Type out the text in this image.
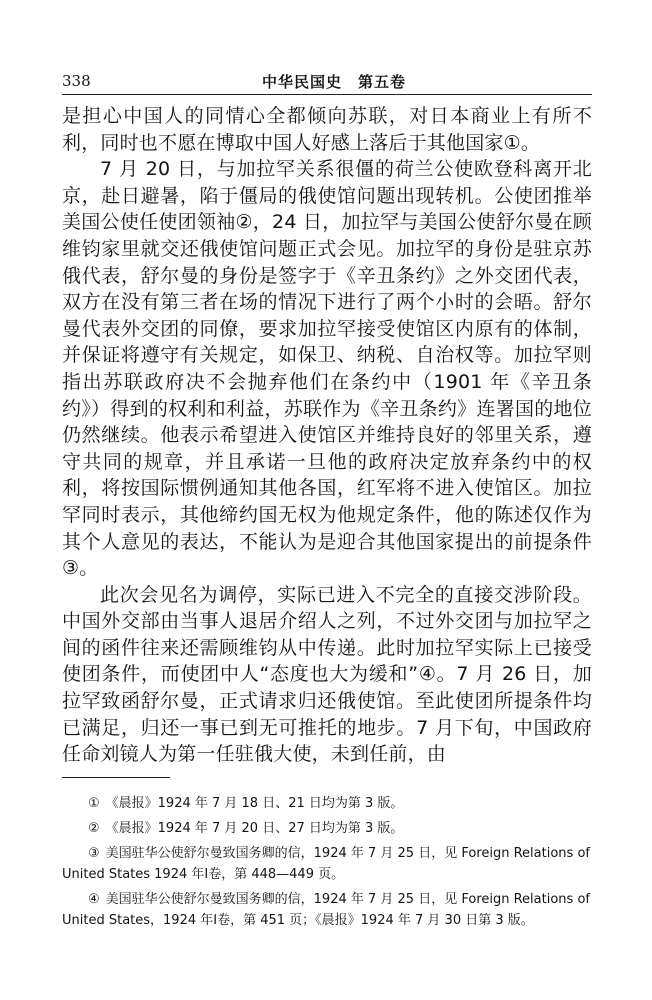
338	中华民国史　第五卷

是担心中国人的同情心全都倾向苏联，对日本商业上有所不利，同时也不愿在博取中国人好感上落后于其他国家①。

7 月 20 日，与加拉罕关系很僵的荷兰公使欧登科离开北京，赴日避暑，陷于僵局的俄使馆问题出现转机。公使团推举美国公使任使团领袖②，24 日，加拉罕与美国公使舒尔曼在顾维钧家里就交还俄使馆问题正式会见。加拉罕的身份是驻京苏俄代表，舒尔曼的身份是签字于《辛丑条约》之外交团代表，双方在没有第三者在场的情况下进行了两个小时的会晤。舒尔曼代表外交团的同僚，要求加拉罕接受使馆区内原有的体制，并保证将遵守有关规定，如保卫、纳税、自治权等。加拉罕则指出苏联政府决不会抛弃他们在条约中（1901 年《辛丑条约》）得到的权利和利益，苏联作为《辛丑条约》连署国的地位仍然继续。他表示希望进入使馆区并维持良好的邻里关系，遵守共同的规章，并且承诺一旦他的政府决定放弃条约中的权利，将按国际惯例通知其他各国，红军将不进入使馆区。加拉罕同时表示，其他缔约国无权为他规定条件，他的陈述仅作为其个人意见的表达，不能认为是迎合其他国家提出的前提条件③。

此次会见名为调停，实际已进入不完全的直接交涉阶段。中国外交部由当事人退居介绍人之列，不过外交团与加拉罕之间的函件往来还需顾维钧从中传递。此时加拉罕实际上已接受使团条件，而使团中人“态度也大为缓和”④。7 月 26 日，加拉罕致函舒尔曼，正式请求归还俄使馆。至此使团所提条件均已满足，归还一事已到无可推托的地步。7 月下旬，中国政府任命刘镜人为第一任驻俄大使，未到任前，由

① 《晨报》1924 年 7 月 18 日、21 日均为第 3 版。

② 《晨报》1924 年 7 月 20 日、27 日均为第 3 版。

③ 美国驻华公使舒尔曼致国务卿的信，1924 年 7 月 25 日，见 Foreign Relations of United States 1924 年Ⅰ卷，第 448—449 页。

④ 美国驻华公使舒尔曼致国务卿的信，1924 年 7 月 25 日，见 Foreign Relations of United States，1924 年Ⅰ卷，第 451 页；《晨报》1924 年 7 月 30 日第 3 版。
